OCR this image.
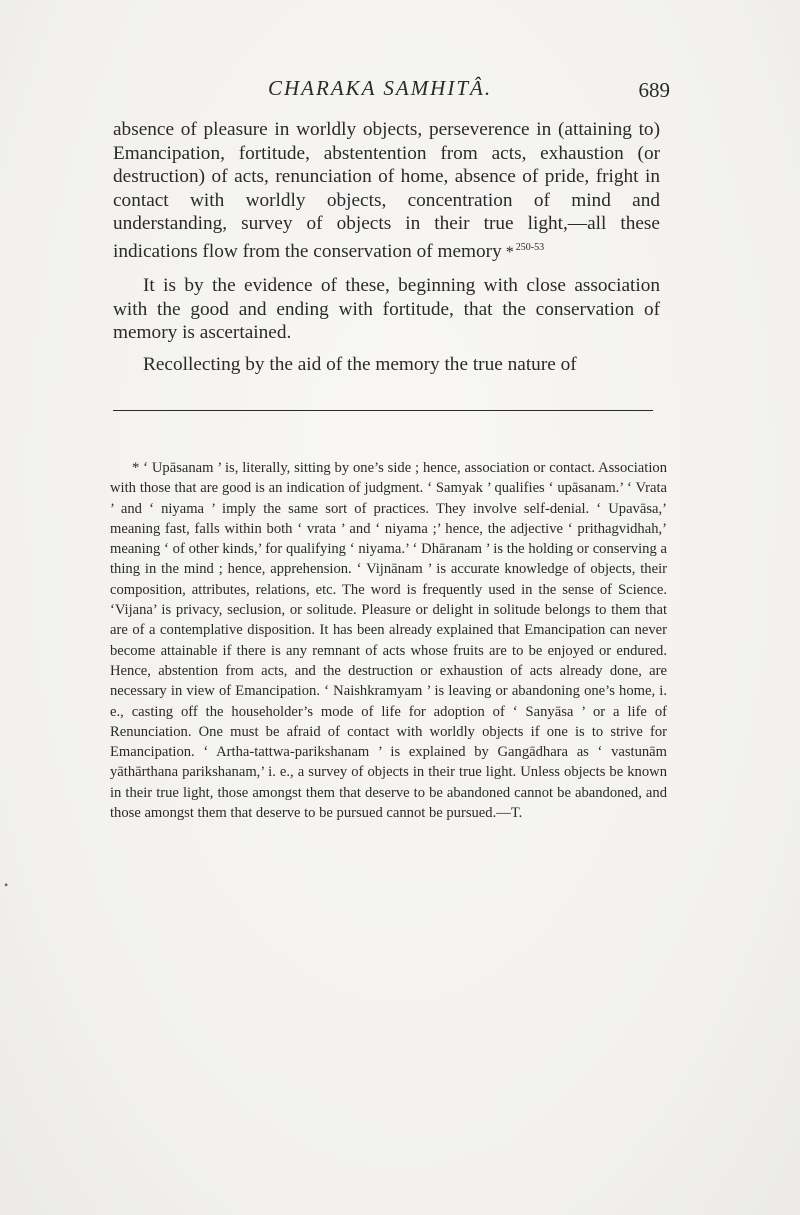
CHARAKA SAMHITÂ.	689

absence of pleasure in worldly objects, perseverence in (attaining to) Emancipation, fortitude, abstentention from acts, exhaustion (or destruction) of acts, renunciation of home, absence of pride, fright in contact with worldly objects, concentration of mind and understanding, survey of objects in their true light,—all these indications flow from the conservation of memory * $^{250-53}$

It is by the evidence of these, beginning with close association with the good and ending with fortitude, that the conservation of memory is ascertained.

Recollecting by the aid of the memory the true nature of

* ‘ Upāsanam ’ is, literally, sitting by one’s side ; hence, association or contact. Association with those that are good is an indication of judgment. ‘ Samyak ’ qualifies ‘ upāsanam.’ ‘ Vrata ’ and ‘ niyama ’ imply the same sort of practices. They involve self-denial. ‘ Upavāsa,’ meaning fast, falls within both ‘ vrata ’ and ‘ niyama ;’ hence, the adjective ‘ prithagvidhah,’ meaning ‘ of other kinds,’ for qualifying ‘ niyama.’ ‘ Dhāranam ’ is the holding or conserving a thing in the mind ; hence, apprehension. ‘ Vijnānam ’ is accurate knowledge of objects, their composition, attributes, relations, etc. The word is frequently used in the sense of Science. ‘Vijana’ is privacy, seclusion, or solitude. Pleasure or delight in solitude belongs to them that are of a contemplative disposition. It has been already explained that Emancipation can never become attainable if there is any remnant of acts whose fruits are to be enjoyed or endured. Hence, abstention from acts, and the destruction or exhaustion of acts already done, are necessary in view of Emancipation. ‘ Naishkramyam ’ is leaving or abandoning one’s home, i. e., casting off the householder’s mode of life for adoption of ‘ Sanyāsa ’ or a life of Renunciation. One must be afraid of contact with worldly objects if one is to strive for Emancipation. ‘ Artha-tattwa-parikshanam ’ is explained by Gangādhara as ‘ vastunām yāthārthana parikshanam,’ i. e., a survey of objects in their true light. Unless objects be known in their true light, those amongst them that deserve to be abandoned cannot be abandoned, and those amongst them that deserve to be pursued cannot be pursued.—T.

•
